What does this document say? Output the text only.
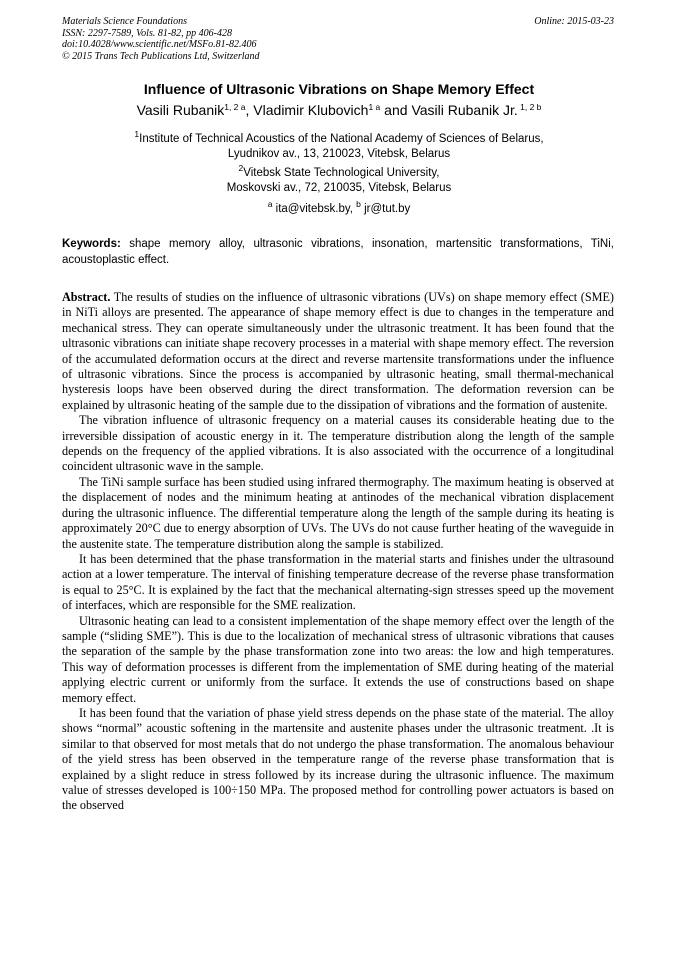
Materials Science Foundations
ISSN: 2297-7589, Vols. 81-82, pp 406-428
doi:10.4028/www.scientific.net/MSFo.81-82.406
© 2015 Trans Tech Publications Ltd, Switzerland
Online: 2015-03-23
Influence of Ultrasonic Vibrations on Shape Memory Effect
Vasili Rubanik$^{1, 2 a}$, Vladimir Klubovich$^{1 a}$ and Vasili Rubanik Jr. $^{1, 2 b}$
$^1$Institute of Technical Acoustics of the National Academy of Sciences of Belarus,
Lyudnikov av., 13, 210023, Vitebsk, Belarus
$^2$Vitebsk State Technological University,
Moskovski av., 72, 210035, Vitebsk, Belarus
$^a$ ita@vitebsk.by, $^b$ jr@tut.by
Keywords: shape memory alloy, ultrasonic vibrations, insonation, martensitic transformations, TiNi, acoustoplastic effect.

Abstract. The results of studies on the influence of ultrasonic vibrations (UVs) on shape memory effect (SME) in NiTi alloys are presented. The appearance of shape memory effect is due to changes in the temperature and mechanical stress. They can operate simultaneously under the ultrasonic treatment. It has been found that the ultrasonic vibrations can initiate shape recovery processes in a material with shape memory effect. The reversion of the accumulated deformation occurs at the direct and reverse martensite transformations under the influence of ultrasonic vibrations. Since the process is accompanied by ultrasonic heating, small thermal-mechanical hysteresis loops have been observed during the direct transformation. The deformation reversion can be explained by ultrasonic heating of the sample due to the dissipation of vibrations and the formation of austenite.

The vibration influence of ultrasonic frequency on a material causes its considerable heating due to the irreversible dissipation of acoustic energy in it. The temperature distribution along the length of the sample depends on the frequency of the applied vibrations. It is also associated with the occurrence of a longitudinal coincident ultrasonic wave in the sample.

The TiNi sample surface has been studied using infrared thermography. The maximum heating is observed at the displacement of nodes and the minimum heating at antinodes of the mechanical vibration displacement during the ultrasonic influence. The differential temperature along the length of the sample during its heating is approximately 20°C due to energy absorption of UVs. The UVs do not cause further heating of the waveguide in the austenite state. The temperature distribution along the sample is stabilized.

It has been determined that the phase transformation in the material starts and finishes under the ultrasound action at a lower temperature. The interval of finishing temperature decrease of the reverse phase transformation is equal to 25°C. It is explained by the fact that the mechanical alternating-sign stresses speed up the movement of interfaces, which are responsible for the SME realization.

Ultrasonic heating can lead to a consistent implementation of the shape memory effect over the length of the sample (“sliding SME”). This is due to the localization of mechanical stress of ultrasonic vibrations that causes the separation of the sample by the phase transformation zone into two areas: the low and high temperatures. This way of deformation processes is different from the implementation of SME during heating of the material applying electric current or uniformly from the surface. It extends the use of constructions based on shape memory effect.

It has been found that the variation of phase yield stress depends on the phase state of the material. The alloy shows “normal” acoustic softening in the martensite and austenite phases under the ultrasonic treatment. .It is similar to that observed for most metals that do not undergo the phase transformation. The anomalous behaviour of the yield stress has been observed in the temperature range of the reverse phase transformation that is explained by a slight reduce in stress followed by its increase during the ultrasonic influence. The maximum value of stresses developed is 100÷150 MPa. The proposed method for controlling power actuators is based on the observed
